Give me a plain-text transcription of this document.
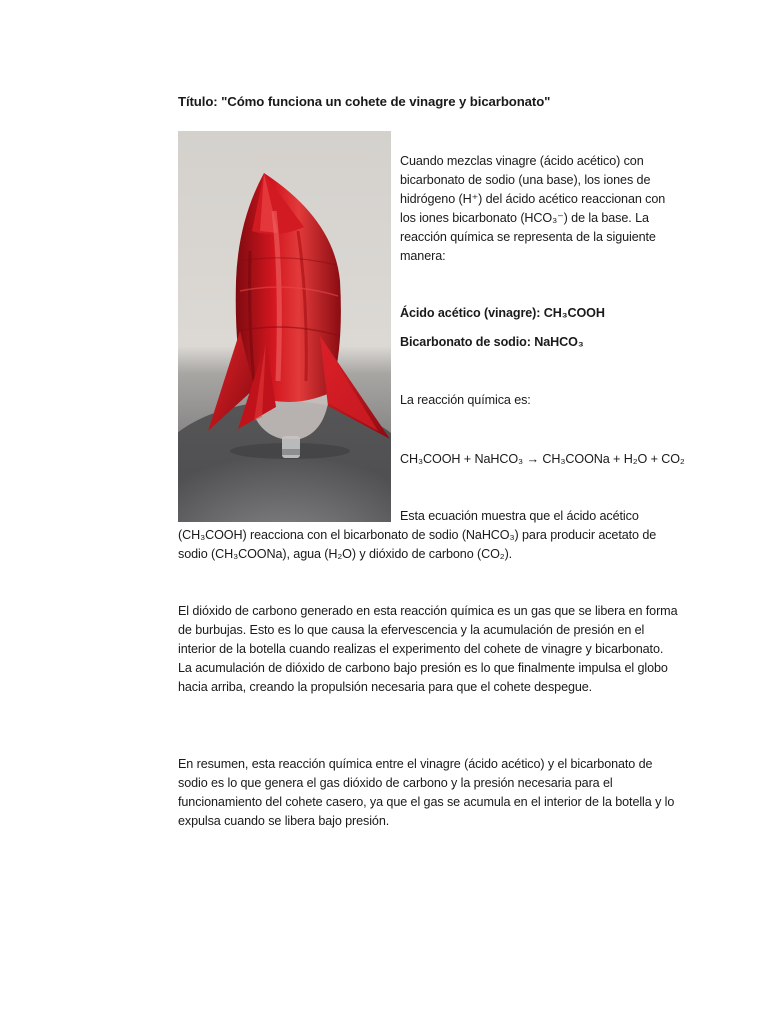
Título: "Cómo funciona un cohete de vinagre y bicarbonato"

Cuando mezclas vinagre (ácido acético) con bicarbonato de sodio (una base), los iones de hidrógeno (H⁺) del ácido acético reaccionan con los iones bicarbonato (HCO₃⁻) de la base. La reacción química se representa de la siguiente manera:

Ácido acético (vinagre): CH₃COOH

Bicarbonato de sodio: NaHCO₃

La reacción química es:

CH₃COOH + NaHCO₃ → CH₃COONa + H₂O + CO₂

Esta ecuación muestra que el ácido acético

(CH₃COOH) reacciona con el bicarbonato de sodio (NaHCO₃) para producir acetato de sodio (CH₃COONa), agua (H₂O) y dióxido de carbono (CO₂).

El dióxido de carbono generado en esta reacción química es un gas que se libera en forma de burbujas. Esto es lo que causa la efervescencia y la acumulación de presión en el interior de la botella cuando realizas el experimento del cohete de vinagre y bicarbonato. La acumulación de dióxido de carbono bajo presión es lo que finalmente impulsa el globo hacia arriba, creando la propulsión necesaria para que el cohete despegue.

En resumen, esta reacción química entre el vinagre (ácido acético) y el bicarbonato de sodio es lo que genera el gas dióxido de carbono y la presión necesaria para el funcionamiento del cohete casero, ya que el gas se acumula en el interior de la botella y lo expulsa cuando se libera bajo presión.
